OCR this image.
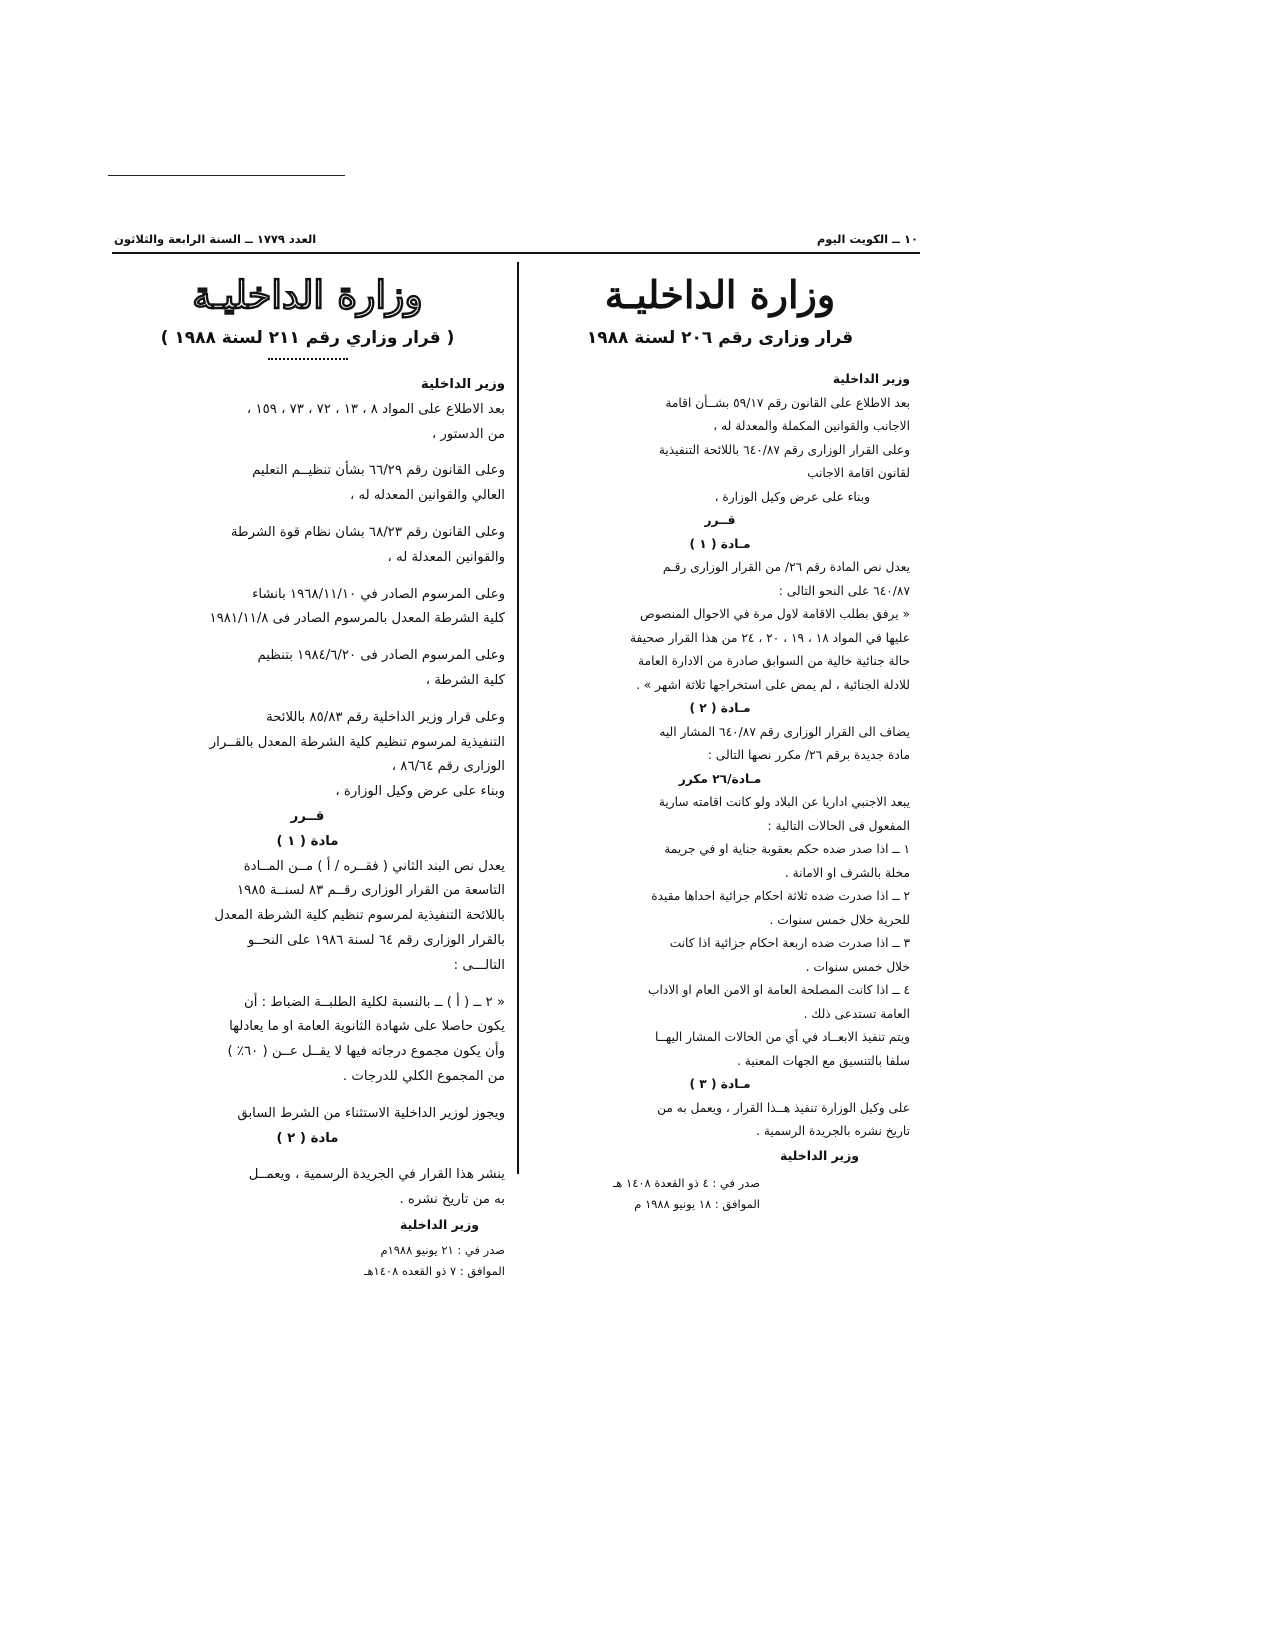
١٠ ــ الكويت اليوم
العدد ١٧٧٩ ــ السنة الرابعة والثلاثون
وزارة الداخليـة
قرار وزارى رقم ٢٠٦ لسنة ١٩٨٨
وزير الداخلية
بعد الاطلاع على القانون رقم ٥٩/١٧ بشــأن اقامة
الاجانب والقوانين المكملة والمعدلة له ،
وعلى القرار الوزارى رقم ٦٤٠/٨٧ باللائحة التنفيذية
لقانون اقامة الاجانب
وبناء على عرض وكيل الوزارة ،
قــرر
مـادة ( ١ )
يعدل نص المادة رقم ٢٦/ من القرار الوزارى رقـم
٦٤٠/٨٧ على النحو التالى :
« يرفق بطلب الاقامة لاول مرة في الاحوال المنصوص
عليها في المواد ١٨ ، ١٩ ، ٢٠ ، ٢٤ من هذا القرار صحيفة
حالة جنائية خالية من السوابق صادرة من الادارة العامة
للادلة الجنائية ، لم يمض على استخراجها ثلاثة اشهر » .
مـادة ( ٢ )
يضاف الى القرار الوزارى رقم ٦٤٠/٨٧ المشار اليه
مادة جديدة برقم ٢٦/ مكرر نصها التالى :
مـادة/٢٦ مكرر
يبعد الاجنبي اداريا عن البلاد ولو كانت اقامته سارية
المفعول فى الحالات التالية :
١ ــ اذا صدر ضده حكم بعقوبة جناية او في جريمة
مخلة بالشرف او الامانة .
٢ ــ اذا صدرت ضده ثلاثة احكام جزائية احداها مقيدة
للحرية خلال خمس سنوات .
٣ ــ اذا صدرت ضده اربعة احكام جزائية اذا كانت
خلال خمس سنوات .
٤ ــ اذا كانت المصلحة العامة او الامن العام او الاداب
العامة تستدعى ذلك .
ويتم تنفيذ الابعــاد في أي من الحالات المشار اليهــا
سلفا بالتنسيق مع الجهات المعنية .
مـادة ( ٣ )
على وكيل الوزارة تنفيذ هــذا القرار ، ويعمل به من
تاريخ نشره بالجريدة الرسمية .
وزير الداخلية
صدر في : ٤ ذو القعدة ١٤٠٨ هـ
الموافق : ١٨ يونيو ١٩٨٨ م
وزارة الداخليـة
( قرار وزاري رقم ٢١١ لسنة ١٩٨٨ )
وزير الداخلية
بعد الاطلاع على المواد ٨ ، ١٣ ، ٧٢ ، ٧٣ ، ١٥٩ ،
من الدستور ،
وعلى القانون رقم ٦٦/٢٩ بشأن تنظيــم التعليم
العالي والقوانين المعدله له ،
وعلى القانون رقم ٦٨/٢٣ بشان نظام قوة الشرطة
والقوانين المعدلة له ،
وعلى المرسوم الصادر في ١٩٦٨/١١/١٠ بانشاء
كلية الشرطة المعدل بالمرسوم الصادر فى ١٩٨١/١١/٨
وعلى المرسوم الصادر فى ١٩٨٤/٦/٢٠ بتنظيم
كلية الشرطة ،
وعلى قرار وزير الداخلية رقم ٨٥/٨٣ باللائحة
التنفيذية لمرسوم تنظيم كلية الشرطة المعدل بالقــرار
الوزارى رقم ٨٦/٦٤ ،
وبناء على عرض وكيل الوزارة ،
قــرر
مادة ( ١ )
يعدل نص البند الثاني ( فقــره / أ ) مــن المــادة
التاسعة من القرار الوزارى رقــم ٨٣ لسنــة ١٩٨٥
باللائحة التنفيذية لمرسوم تنظيم كلية الشرطة المعدل
بالقرار الوزارى رقم ٦٤ لسنة ١٩٨٦ على النحــو
التالـــى :
« ٢ ــ ( أ ) ــ بالنسبة لكلية الطلبــة الضباط : أن
يكون حاصلا على شهادة الثانوية العامة او ما يعادلها
وأن يكون مجموع درجاته فيها لا يقــل عــن ( ٦٠٪ )
من المجموع الكلي للدرجات .
ويجوز لوزير الداخلية الاستثناء من الشرط السابق
مادة ( ٢ )
ينشر هذا القرار في الجريدة الرسمية ، ويعمــل
به من تاريخ نشره .
وزير الداخلية
صدر في : ٢١ يونيو ١٩٨٨م
الموافق : ٧ ذو القعده ١٤٠٨هـ
